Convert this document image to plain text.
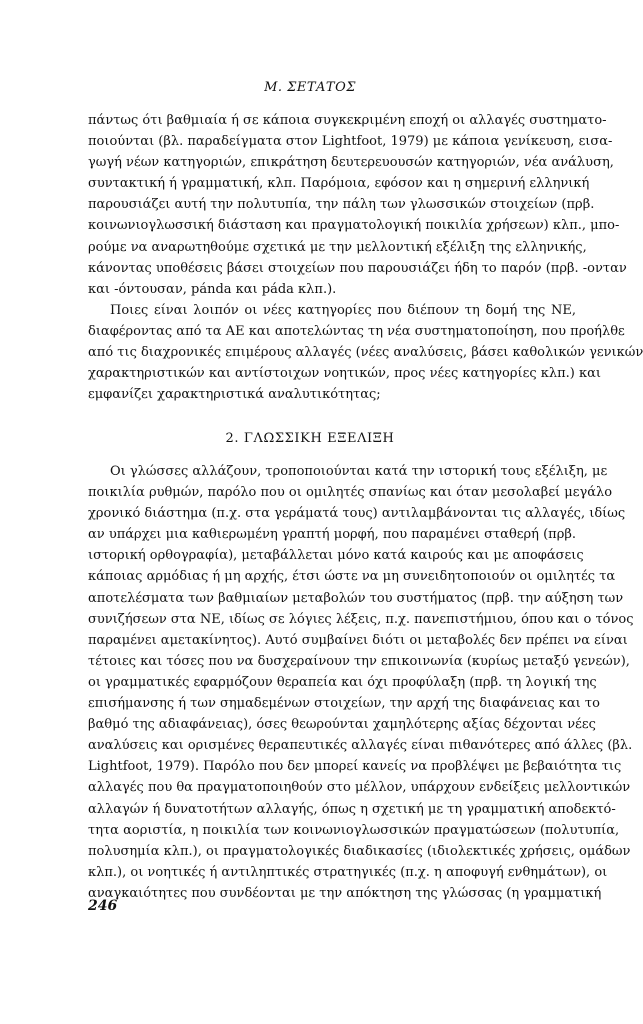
Μ. ΣΕΤΑΤΟΣ
πάντως ότι βαθμιαία ή σε κάποια συγκεκριμένη εποχή οι αλλαγές συστηματο-
ποιούνται (βλ. παραδείγματα στον Lightfoot, 1979) με κάποια γενίκευση, εισα-
γωγή νέων κατηγοριών, επικράτηση δευτερευουσών κατηγοριών, νέα ανάλυση,
συντακτική ή γραμματική, κλπ. Παρόμοια, εφόσον και η σημερινή ελληνική
παρουσιάζει αυτή την πολυτυπία, την πάλη των γλωσσικών στοιχείων (πρβ.
κοινωνιογλωσσική διάσταση και πραγματολογική ποικιλία χρήσεων) κλπ., μπο-
ρούμε να αναρωτηθούμε σχετικά με την μελλοντική εξέλιξη της ελληνικής,
κάνοντας υποθέσεις βάσει στοιχείων που παρουσιάζει ήδη το παρόν (πρβ. -ονταν
και -όντουσαν, pánda και páda κλπ.).
Ποιες είναι λοιπόν οι νέες κατηγορίες που διέπουν τη δομή της ΝΕ,
διαφέροντας από τα ΑΕ και αποτελώντας τη νέα συστηματοποίηση, που προήλθε
από τις διαχρονικές επιμέρους αλλαγές (νέες αναλύσεις, βάσει καθολικών γενικών
χαρακτηριστικών και αντίστοιχων νοητικών, προς νέες κατηγορίες κλπ.) και
εμφανίζει χαρακτηριστικά αναλυτικότητας;
2. ΓΛΩΣΣΙΚΗ ΕΞΕΛΙΞΗ
Οι γλώσσες αλλάζουν, τροποποιούνται κατά την ιστορική τους εξέλιξη, με
ποικιλία ρυθμών, παρόλο που οι ομιλητές σπανίως και όταν μεσολαβεί μεγάλο
χρονικό διάστημα (π.χ. στα γεράματά τους) αντιλαμβάνονται τις αλλαγές, ιδίως
αν υπάρχει μια καθιερωμένη γραπτή μορφή, που παραμένει σταθερή (πρβ.
ιστορική ορθογραφία), μεταβάλλεται μόνο κατά καιρούς και με αποφάσεις
κάποιας αρμόδιας ή μη αρχής, έτσι ώστε να μη συνειδητοποιούν οι ομιλητές τα
αποτελέσματα των βαθμιαίων μεταβολών του συστήματος (πρβ. την αύξηση των
συνιζήσεων στα ΝΕ, ιδίως σε λόγιες λέξεις, π.χ. πανεπιστήμιου, όπου και ο τόνος
παραμένει αμετακίνητος). Αυτό συμβαίνει διότι οι μεταβολές δεν πρέπει να είναι
τέτοιες και τόσες που να δυσχεραίνουν την επικοινωνία (κυρίως μεταξύ γενεών),
οι γραμματικές εφαρμόζουν θεραπεία και όχι προφύλαξη (πρβ. τη λογική της
επισήμανσης ή των σημαδεμένων στοιχείων, την αρχή της διαφάνειας και το
βαθμό της αδιαφάνειας), όσες θεωρούνται χαμηλότερης αξίας δέχονται νέες
αναλύσεις και ορισμένες θεραπευτικές αλλαγές είναι πιθανότερες από άλλες (βλ.
Lightfoot, 1979). Παρόλο που δεν μπορεί κανείς να προβλέψει με βεβαιότητα τις
αλλαγές που θα πραγματοποιηθούν στο μέλλον, υπάρχουν ενδείξεις μελλοντικών
αλλαγών ή δυνατοτήτων αλλαγής, όπως η σχετική με τη γραμματική αποδεκτό-
τητα αοριστία, η ποικιλία των κοινωνιογλωσσικών πραγματώσεων (πολυτυπία,
πολυσημία κλπ.), οι πραγματολογικές διαδικασίες (ιδιολεκτικές χρήσεις, ομάδων
κλπ.), οι νοητικές ή αντιληπτικές στρατηγικές (π.χ. η αποφυγή ενθημάτων), οι
αναγκαιότητες που συνδέονται με την απόκτηση της γλώσσας (η γραμματική
246
